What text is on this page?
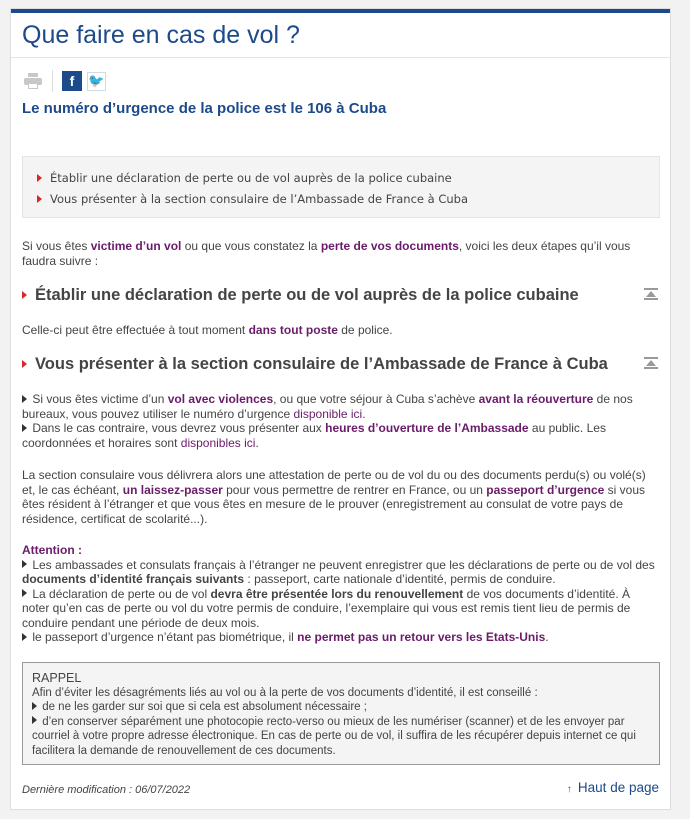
Que faire en cas de vol ?
f	🐦
Le numéro d’urgence de la police est le 106 à Cuba
Établir une déclaration de perte ou de vol auprès de la police cubaine
Vous présenter à la section consulaire de l’Ambassade de France à Cuba

Si vous êtes victime d’un vol ou que vous constatez la perte de vos documents, voici les deux étapes qu’il vous faudra suivre :

Établir une déclaration de perte ou de vol auprès de la police cubaine

Celle-ci peut être effectuée à tout moment dans tout poste de police.

Vous présenter à la section consulaire de l’Ambassade de France à Cuba

Si vous êtes victime d’un vol avec violences, ou que votre séjour à Cuba s’achève avant la réouverture de nos bureaux, vous pouvez utiliser le numéro d’urgence disponible ici.

Dans le cas contraire, vous devrez vous présenter aux heures d’ouverture de l’Ambassade au public. Les coordonnées et horaires sont disponibles ici.

La section consulaire vous délivrera alors une attestation de perte ou de vol du ou des documents perdu(s) ou volé(s) et, le cas échéant, un laissez-passer pour vous permettre de rentrer en France, ou un passeport d’urgence si vous êtes résident à l’étranger et que vous êtes en mesure de le prouver (enregistrement au consulat de votre pays de résidence, certificat de scolarité...).

Attention :

Les ambassades et consulats français à l’étranger ne peuvent enregistrer que les déclarations de perte ou de vol des documents d’identité français suivants : passeport, carte nationale d’identité, permis de conduire.

La déclaration de perte ou de vol devra être présentée lors du renouvellement de vos documents d’identité. À noter qu’en cas de perte ou vol du votre permis de conduire, l’exemplaire qui vous est remis tient lieu de permis de conduire pendant une période de deux mois.

le passeport d’urgence n’étant pas biométrique, il ne permet pas un retour vers les Etats-Unis.

RAPPEL
Afin d’éviter les désagréments liés au vol ou à la perte de vos documents d’identité, il est conseillé :
de ne les garder sur soi que si cela est absolument nécessaire ;
d’en conserver séparément une photocopie recto-verso ou mieux de les numériser (scanner) et de les envoyer par courriel à votre propre adresse électronique. En cas de perte ou de vol, il suffira de les récupérer depuis internet ce qui facilitera la demande de renouvellement de ces documents.
Dernière modification : 06/07/2022	↑ Haut de page
